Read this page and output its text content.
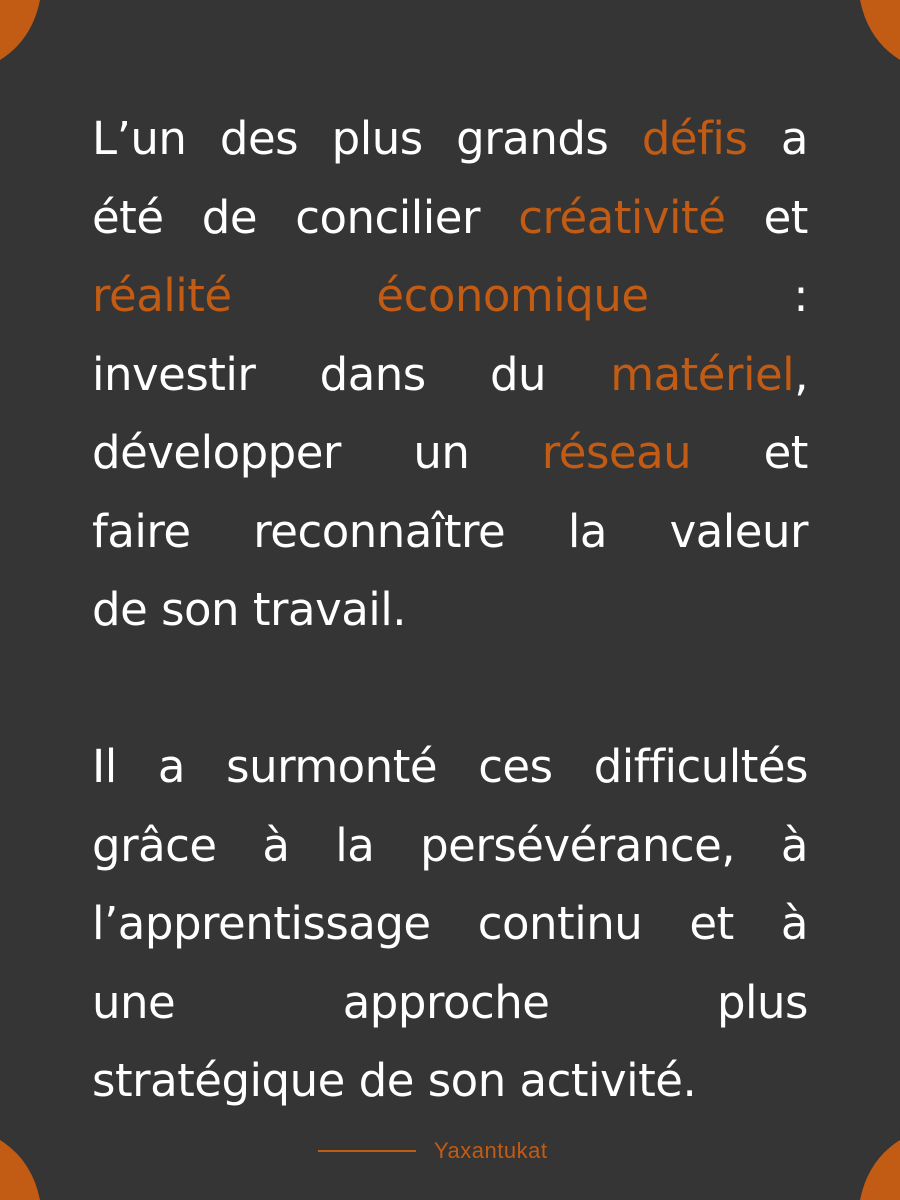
L’un des plus grands défis a
été de concilier créativité et
réalité	économique	:
investir dans du matériel,
développer un réseau et
faire reconnaître la valeur
de son travail.
Il a surmonté ces difficultés
grâce à la persévérance, à
l’apprentissage continu et à
une	approche	plus
stratégique de son activité.
Yaxantukat
